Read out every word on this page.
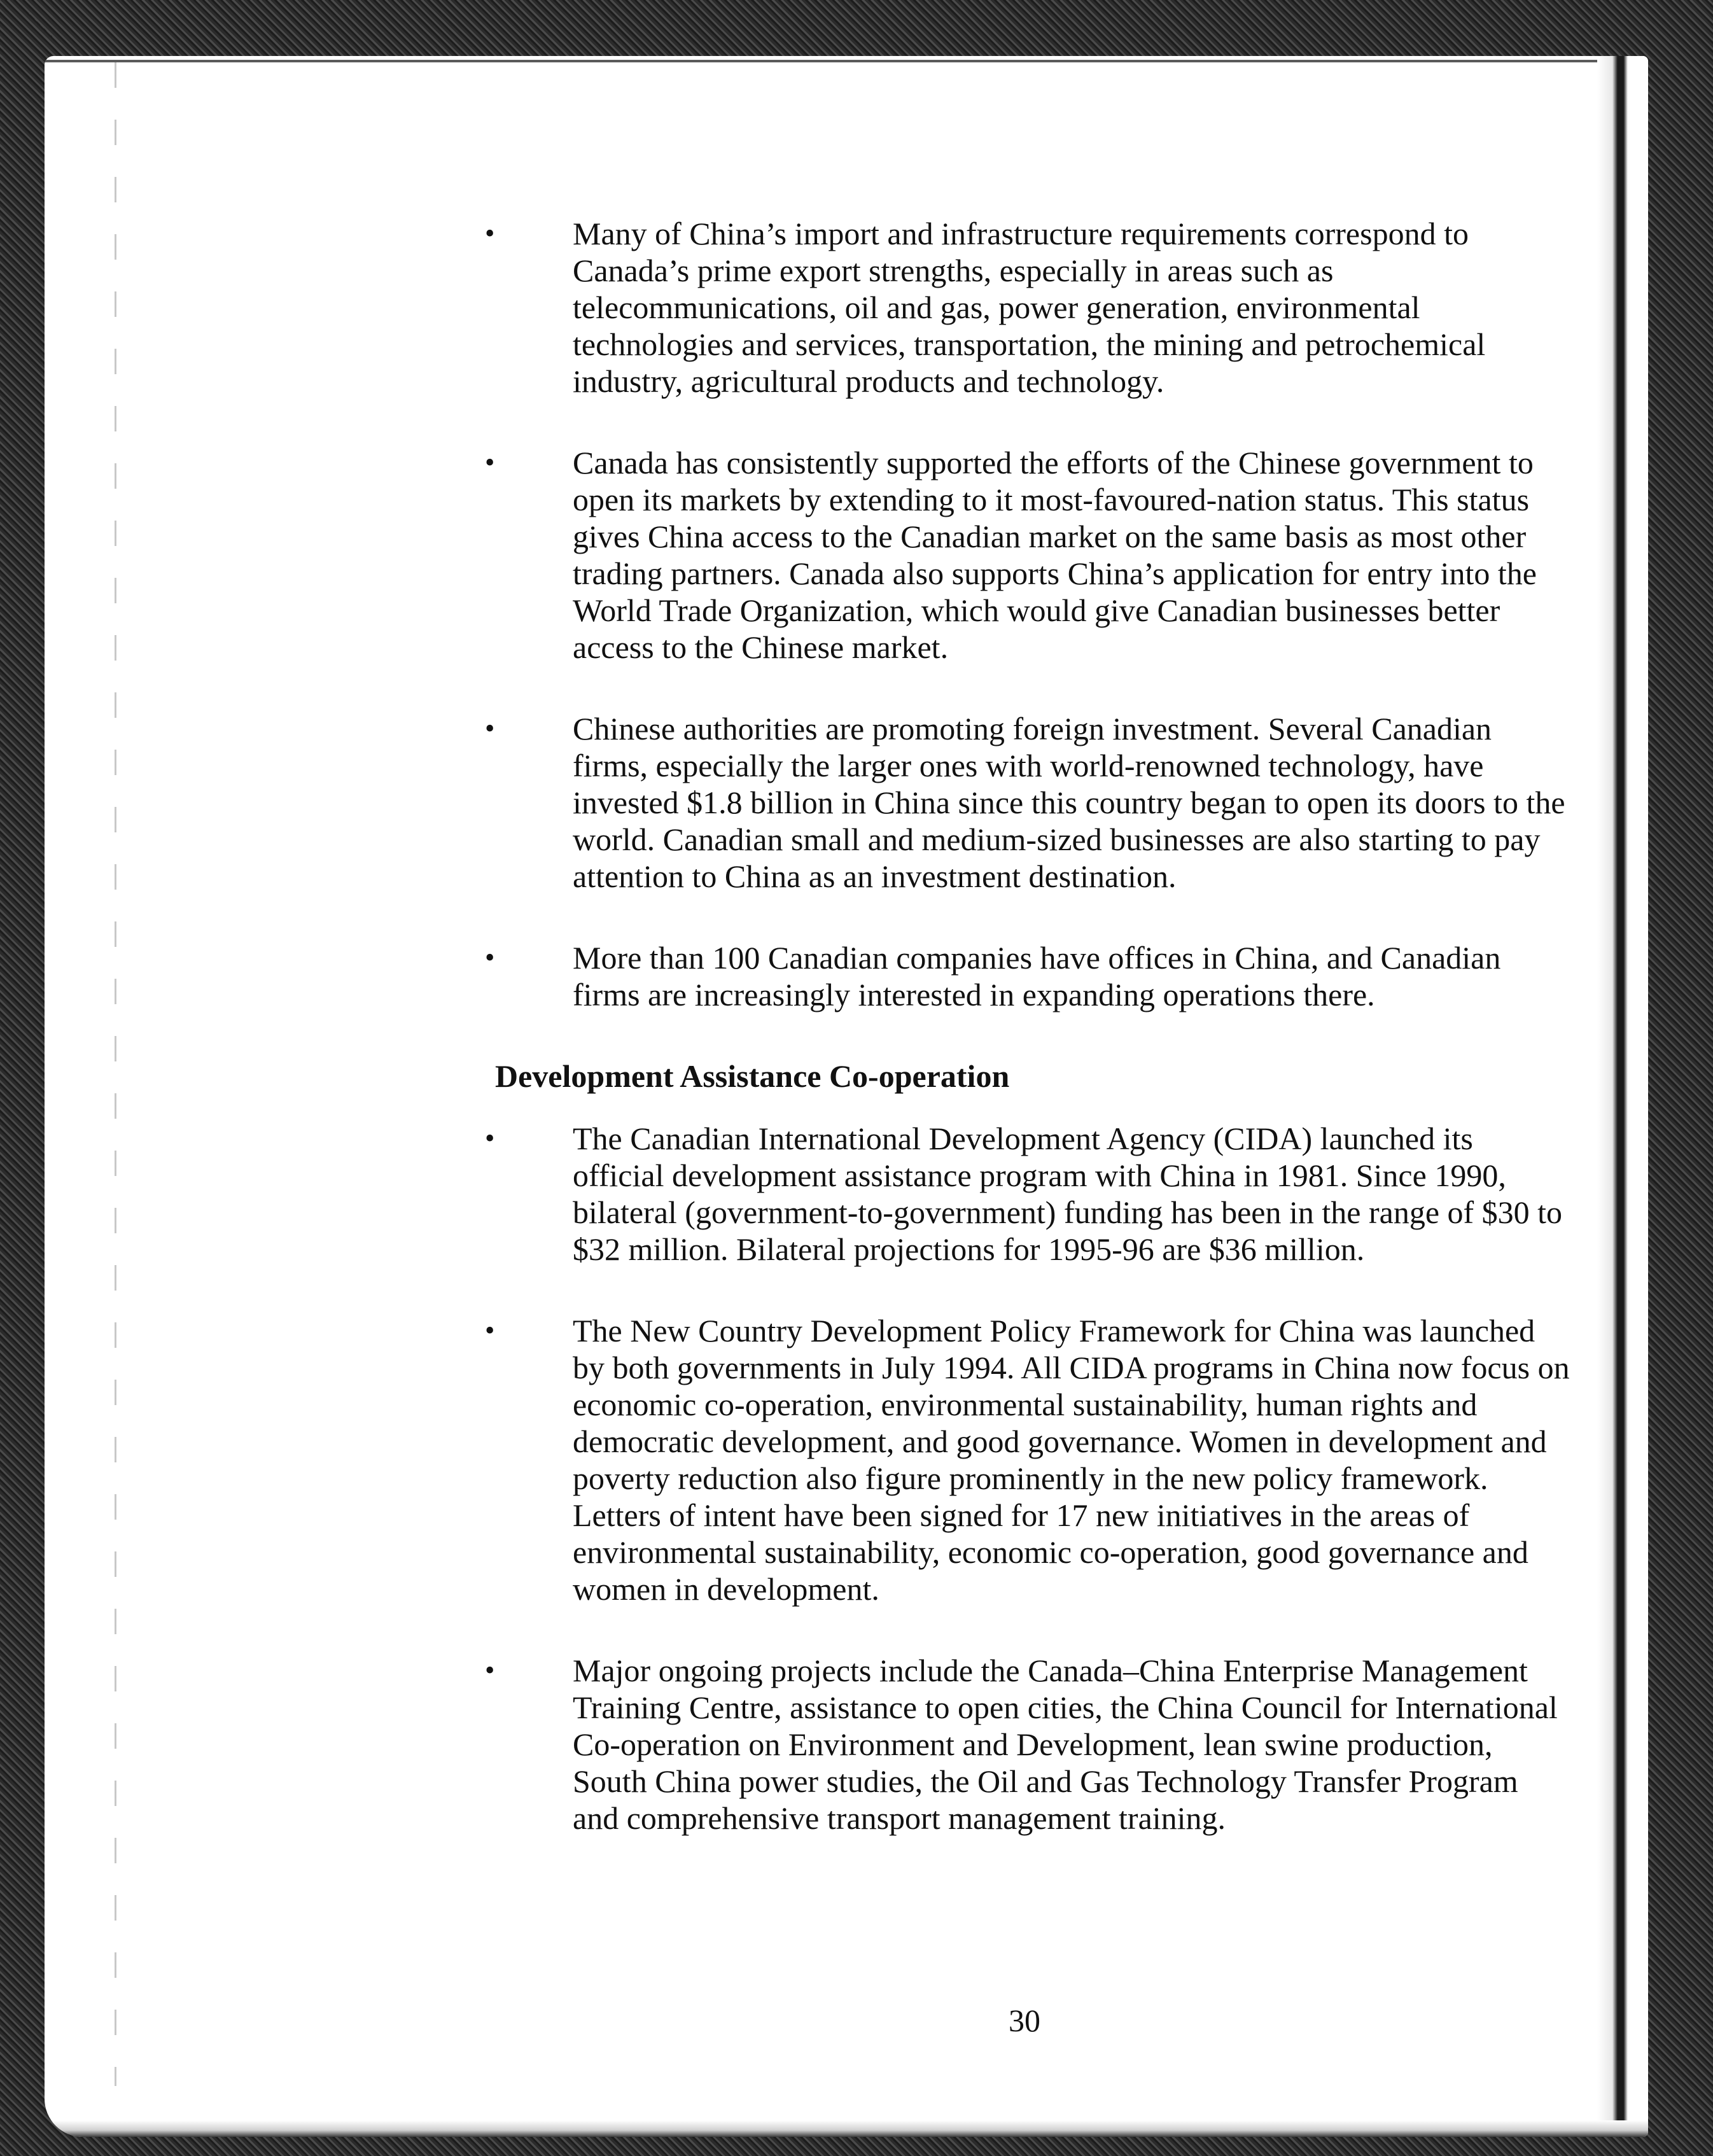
• Many of China’s import and infrastructure requirements correspond to Canada’s prime export strengths, especially in areas such as telecommunications, oil and gas, power generation, environmental technologies and services, transportation, the mining and petrochemical industry, agricultural products and technology.
• Canada has consistently supported the efforts of the Chinese government to open its markets by extending to it most-favoured-nation status. This status gives China access to the Canadian market on the same basis as most other trading partners. Canada also supports China’s application for entry into the World Trade Organization, which would give Canadian businesses better access to the Chinese market.
• Chinese authorities are promoting foreign investment. Several Canadian firms, especially the larger ones with world-renowned technology, have invested $1.8 billion in China since this country began to open its doors to the world. Canadian small and medium-sized businesses are also starting to pay attention to China as an investment destination.
• More than 100 Canadian companies have offices in China, and Canadian firms are increasingly interested in expanding operations there.
Development Assistance Co-operation
• The Canadian International Development Agency (CIDA) launched its official development assistance program with China in 1981. Since 1990, bilateral (government-to-government) funding has been in the range of $30 to $32 million. Bilateral projections for 1995-96 are $36 million.
• The New Country Development Policy Framework for China was launched by both governments in July 1994. All CIDA programs in China now focus on economic co-operation, environmental sustainability, human rights and democratic development, and good governance. Women in development and poverty reduction also figure prominently in the new policy framework. Letters of intent have been signed for 17 new initiatives in the areas of environmental sustainability, economic co-operation, good governance and women in development.
• Major ongoing projects include the Canada–China Enterprise Management Training Centre, assistance to open cities, the China Council for International Co-operation on Environment and Development, lean swine production, South China power studies, the Oil and Gas Technology Transfer Program and comprehensive transport management training.
30
